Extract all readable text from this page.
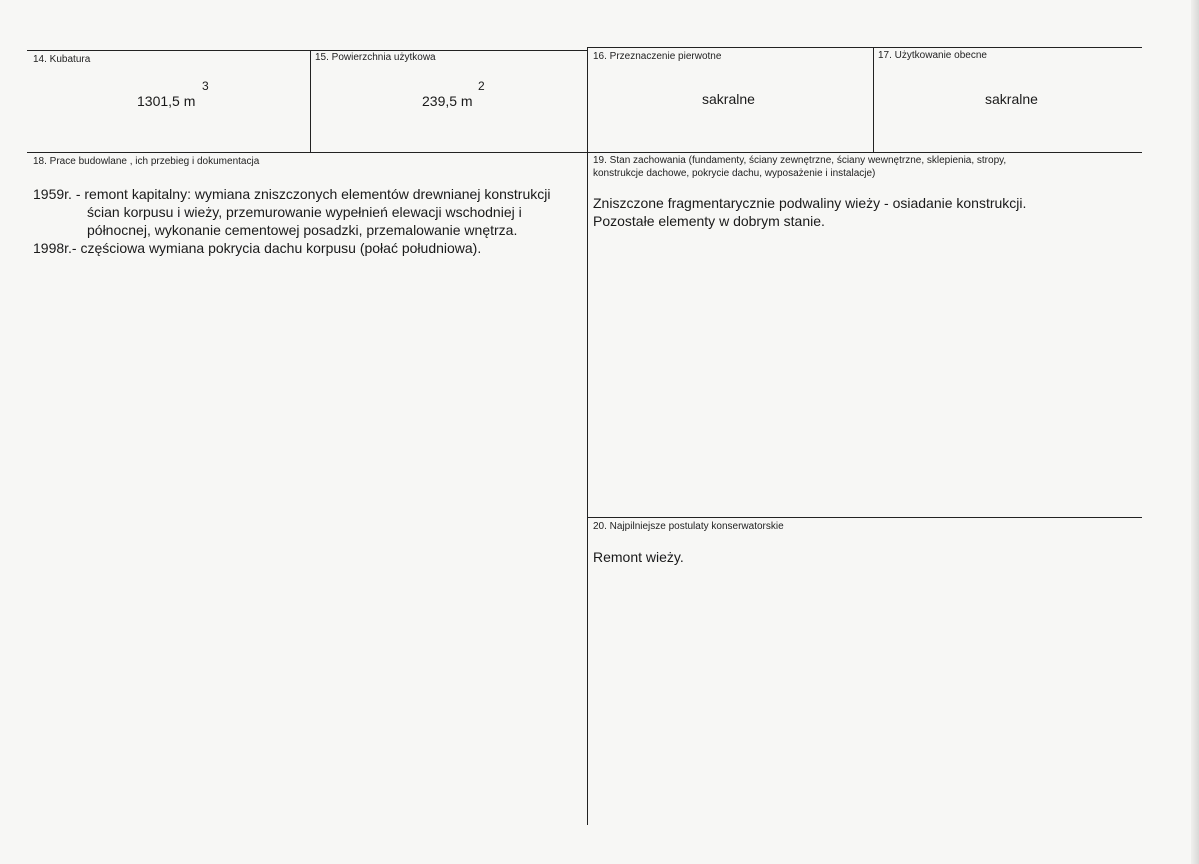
14. Kubatura
1301,5 m
3
15. Powierzchnia użytkowa
239,5 m
2
16. Przeznaczenie pierwotne
sakralne
17. Użytkowanie obecne
sakralne
18. Prace budowlane , ich przebieg i dokumentacja
1959r. - remont kapitalny: wymiana zniszczonych elementów drewnianej konstrukcji
ścian korpusu i wieży, przemurowanie wypełnień elewacji wschodniej i
północnej, wykonanie cementowej posadzki, przemalowanie wnętrza.
1998r.- częściowa wymiana pokrycia dachu korpusu (połać południowa).
19. Stan zachowania (fundamenty, ściany zewnętrzne, ściany wewnętrzne, sklepienia, stropy,
konstrukcje dachowe, pokrycie dachu, wyposażenie i instalacje)
Zniszczone fragmentarycznie podwaliny wieży - osiadanie konstrukcji.
Pozostałe elementy w dobrym stanie.
20. Najpilniejsze postulaty konserwatorskie
Remont wieży.
